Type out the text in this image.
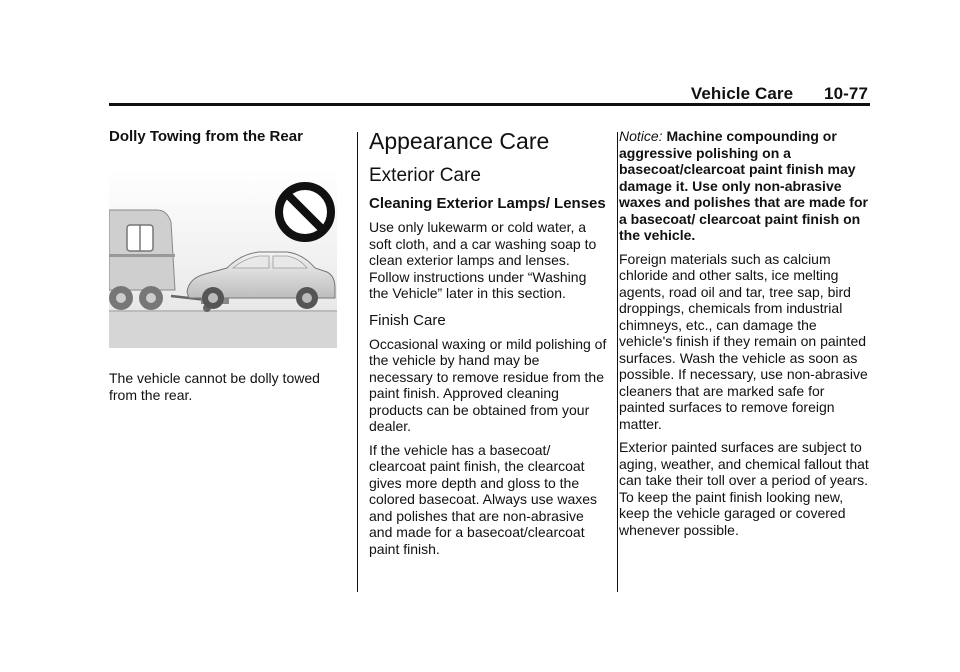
Vehicle Care 10-77
Dolly Towing from the Rear

The vehicle cannot be dolly towed from the rear.

Appearance Care
Exterior Care
Cleaning Exterior Lamps/ Lenses

Use only lukewarm or cold water, a soft cloth, and a car washing soap to clean exterior lamps and lenses. Follow instructions under “Washing the Vehicle” later in this section.

Finish Care

Occasional waxing or mild polishing of the vehicle by hand may be necessary to remove residue from the paint finish. Approved cleaning products can be obtained from your dealer.

If the vehicle has a basecoat/ clearcoat paint finish, the clearcoat gives more depth and gloss to the colored basecoat. Always use waxes and polishes that are non-abrasive and made for a basecoat/clearcoat paint finish.

Notice: Machine compounding or aggressive polishing on a basecoat/clearcoat paint finish may damage it. Use only non-abrasive waxes and polishes that are made for a basecoat/ clearcoat paint finish on the vehicle.

Foreign materials such as calcium chloride and other salts, ice melting agents, road oil and tar, tree sap, bird droppings, chemicals from industrial chimneys, etc., can damage the vehicle's finish if they remain on painted surfaces. Wash the vehicle as soon as possible. If necessary, use non-abrasive cleaners that are marked safe for painted surfaces to remove foreign matter.

Exterior painted surfaces are subject to aging, weather, and chemical fallout that can take their toll over a period of years. To keep the paint finish looking new, keep the vehicle garaged or covered whenever possible.
